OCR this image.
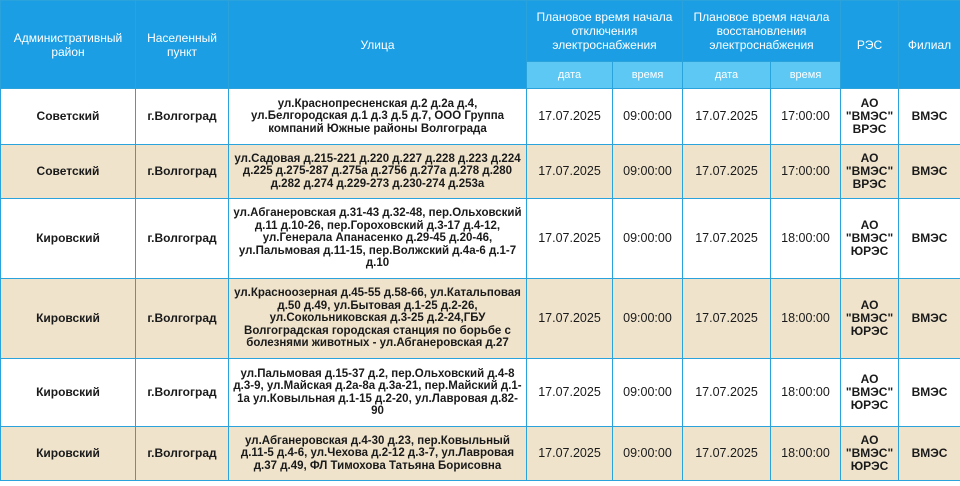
Административный район	Населенный пункт	Улица	Плановое время начала отключения электроснабжения		Плановое время начала восстановления электроснабжения		РЭС	Филиал
			дата	время	дата	время		
Советский	г.Волгоград	ул.Краснопресненская д.2 д.2а д.4, ул.Белгородская д.1 д.3 д.5 д.7, ООО Группа компаний Южные районы Волгограда	17.07.2025	09:00:00	17.07.2025	17:00:00	АО "ВМЭС" ВРЭС	ВМЭС
Советский	г.Волгоград	ул.Садовая д.215-221 д.220 д.227 д.228 д.223 д.224 д.225 д.275-287 д.275а д.2756 д.277а д.278 д.280 д.282 д.274 д.229-273 д.230-274 д.253а	17.07.2025	09:00:00	17.07.2025	17:00:00	АО "ВМЭС" ВРЭС	ВМЭС
Кировский	г.Волгоград	ул.Абганеровская д.31-43 д.32-48, пер.Ольховский д.11 д.10-26, пер.Гороховский д.3-17 д.4-12, ул.Генерала Апанасенко д.29-45 д.20-46, ул.Пальмовая д.11-15, пер.Волжский д.4а-6 д.1-7 д.10	17.07.2025	09:00:00	17.07.2025	18:00:00	АО "ВМЭС" ЮРЭС	ВМЭС
Кировский	г.Волгоград	ул.Красноозерная д.45-55 д.58-66, ул.Катальповая д.50 д.49, ул.Бытовая д.1-25 д.2-26, ул.Сокольниковская д.3-25 д.2-24,ГБУ Волгоградская городская станция по борьбе с болезнями животных - ул.Абганеровская д.27	17.07.2025	09:00:00	17.07.2025	18:00:00	АО "ВМЭС" ЮРЭС	ВМЭС
Кировский	г.Волгоград	ул.Пальмовая д.15-37 д.2, пер.Ольховский д.4-8 д.3-9, ул.Майская д.2а-8а д.3а-21, пер.Майский д.1-1а ул.Ковыльная д.1-15 д.2-20, ул.Лавровая д.82-90	17.07.2025	09:00:00	17.07.2025	18:00:00	АО "ВМЭС" ЮРЭС	ВМЭС
Кировский	г.Волгоград	ул.Абганеровская д.4-30 д.23, пер.Ковыльный д.11-5 д.4-6, ул.Чехова д.2-12 д.3-7, ул.Лавровая д.37 д.49, ФЛ Тимохова Татьяна Борисовна	17.07.2025	09:00:00	17.07.2025	18:00:00	АО "ВМЭС" ЮРЭС	ВМЭС
